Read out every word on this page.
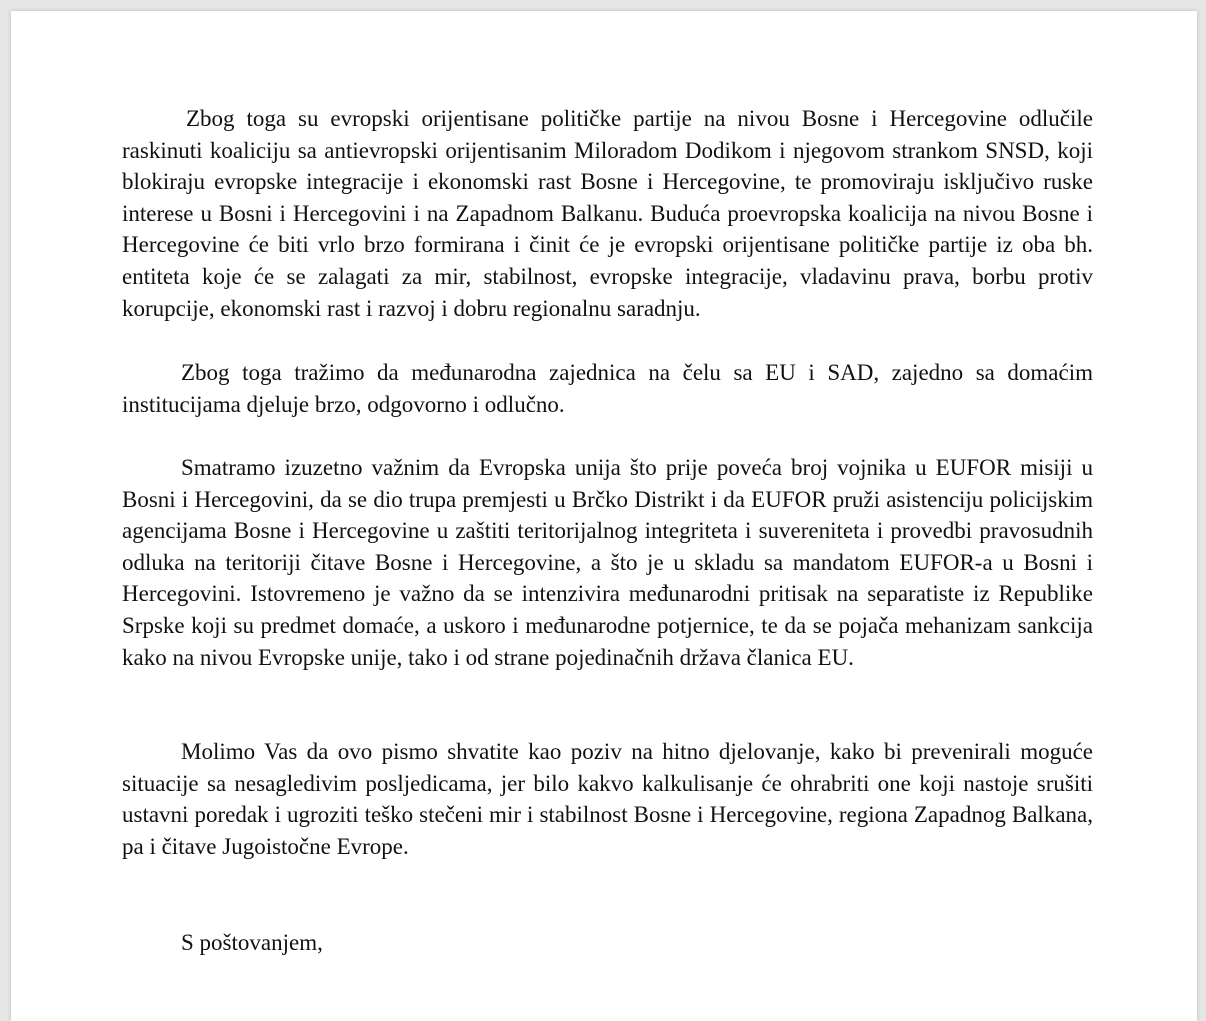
Zbog toga su evropski orijentisane političke partije na nivou Bosne i Hercegovine odlučile raskinuti koaliciju sa antievropski orijentisanim Miloradom Dodikom i njegovom strankom SNSD, koji blokiraju evropske integracije i ekonomski rast Bosne i Hercegovine, te promoviraju isključivo ruske interese u Bosni i Hercegovini i na Zapadnom Balkanu. Buduća proevropska koalicija na nivou Bosne i Hercegovine će biti vrlo brzo formirana i činit će je evropski orijentisane političke partije iz oba bh. entiteta koje će se zalagati za mir, stabilnost, evropske integracije, vladavinu prava, borbu protiv korupcije, ekonomski rast i razvoj i dobru regionalnu saradnju.

Zbog toga tražimo da međunarodna zajednica na čelu sa EU i SAD, zajedno sa domaćim institucijama djeluje brzo, odgovorno i odlučno.

Smatramo izuzetno važnim da Evropska unija što prije poveća broj vojnika u EUFOR misiji u Bosni i Hercegovini, da se dio trupa premjesti u Brčko Distrikt i da EUFOR pruži asistenciju policijskim agencijama Bosne i Hercegovine u zaštiti teritorijalnog integriteta i suvereniteta i provedbi pravosudnih odluka na teritoriji čitave Bosne i Hercegovine, a što je u skladu sa mandatom EUFOR-a u Bosni i Hercegovini. Istovremeno je važno da se intenzivira međunarodni pritisak na separatiste iz Republike Srpske koji su predmet domaće, a uskoro i međunarodne potjernice, te da se pojača mehanizam sankcija kako na nivou Evropske unije, tako i od strane pojedinačnih država članica EU.

Molimo Vas da ovo pismo shvatite kao poziv na hitno djelovanje, kako bi prevenirali moguće situacije sa nesagledivim posljedicama, jer bilo kakvo kalkulisanje će ohrabriti one koji nastoje srušiti ustavni poredak i ugroziti teško stečeni mir i stabilnost Bosne i Hercegovine, regiona Zapadnog Balkana, pa i čitave Jugoistočne Evrope.

S poštovanjem,
